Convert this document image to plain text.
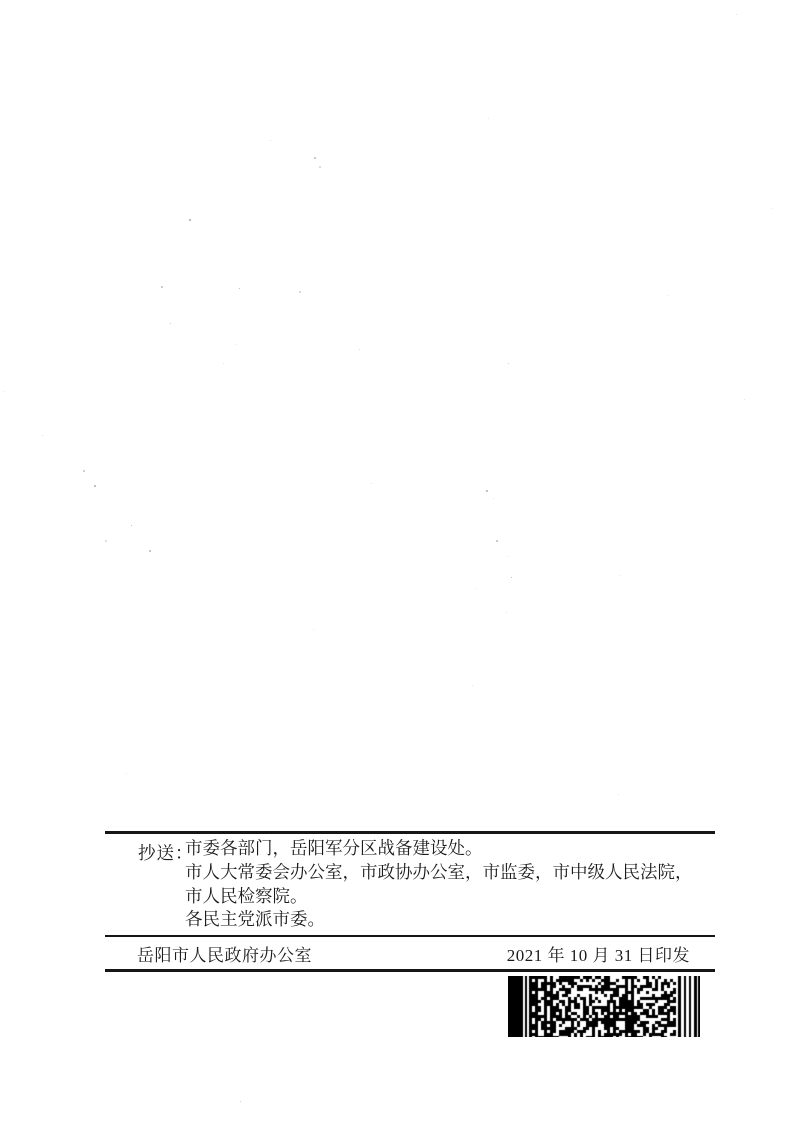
抄送：
市委各部门，岳阳军分区战备建设处。
市人大常委会办公室，市政协办公室，市监委，市中级人民法院，
市人民检察院。
各民主党派市委。
岳阳市人民政府办公室	2021 年 10 月 31 日印发
